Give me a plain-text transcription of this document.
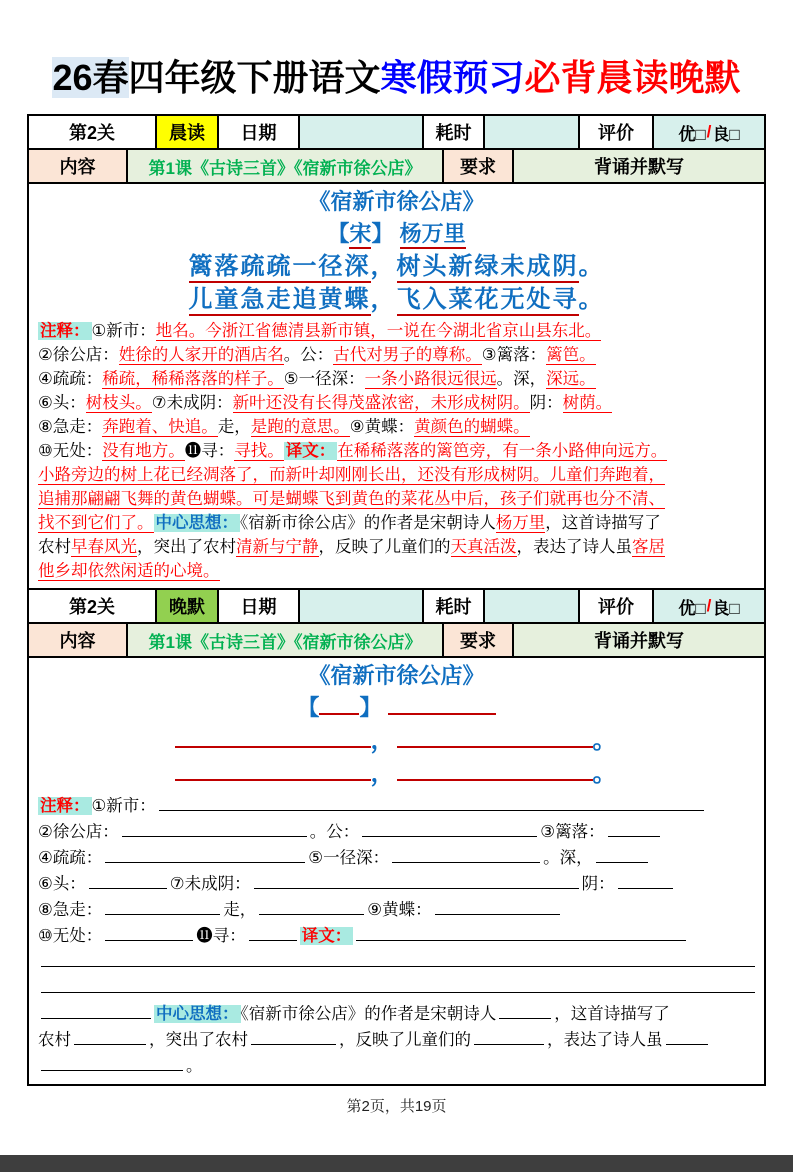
26春四年级下册语文寒假预习必背晨读晚默
第2关	晨读 日期	耗时	评价	优□ / 良□
内容	第1课《古诗三首》《宿新市徐公店》 要求	背诵并默写
《宿新市徐公店》
【宋】 杨万里
篱落疏疏一径深，树头新绿未成阴。
儿童急走追黄蝶，飞入菜花无处寻。
注释： ①新市：地名。今浙江省德清县新市镇，一说在今湖北省京山县东北。
②徐公店：姓徐的人家开的酒店名。公：古代对男子的尊称。③篱落：篱笆。
④疏疏：稀疏，稀稀落落的样子。⑤一径深：一条小路很远很远。深，深远。
⑥头：树枝头。⑦未成阴：新叶还没有长得茂盛浓密，未形成树阴。阴：树荫。
⑧急走：奔跑着、快追。走，是跑的意思。⑨黄蝶：黄颜色的蝴蝶。
⑩无处：没有地方。⓫寻：寻找。 译文： 在稀稀落落的篱笆旁，有一条小路伸向远方。
小路旁边的树上花已经凋落了，而新叶却刚刚长出，还没有形成树阴。儿童们奔跑着，
追捕那翩翩飞舞的黄色蝴蝶。可是蝴蝶飞到黄色的菜花丛中后，孩子们就再也分不清、
找不到它们了。 中心思想： 《宿新市徐公店》的作者是宋朝诗人杨万里，这首诗描写了
农村早春风光，突出了农村清新与宁静，反映了儿童们的天真活泼，表达了诗人虽客居
他乡却依然闲适的心境。
第2关	晚默 日期	耗时	评价	优□ / 良□
内容	第1课《古诗三首》《宿新市徐公店》 要求	背诵并默写
《宿新市徐公店》
【 】
，	。
，	。
注释： ①新市：
②徐公店：	。公：	③篱落：
④疏疏：	⑤一径深：	。深，
⑥头：	⑦未成阴：	阴：
⑧急走：	走，	⑨黄蝶：
⑩无处：	⓫寻：	译文：
中心思想： 《宿新市徐公店》的作者是宋朝诗人	，这首诗描写了
农村	，突出了农村	，反映了儿童们的	，表达了诗人虽
。
第2页，共19页
